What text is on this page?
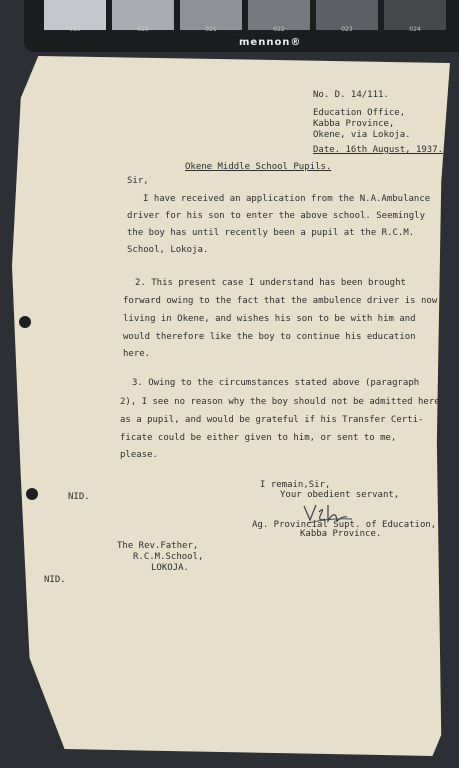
019	020	021	022	023	024
mennon®
No. D. 14/111.
Education Office,
Kabba Province,
Okene, via Lokoja.
Date. 16th August, 1937.
Okene Middle School Pupils.
Sir,
I have received an application from the N.A.Ambulance
driver for his son to enter the above school. Seemingly
the boy has until recently been a pupil at the R.C.M.
School, Lokoja.
2. This present case I understand has been brought
forward owing to the fact that the ambulence driver is now
living in Okene, and wishes his son to be with him and
would therefore like the boy to continue his education
here.
3. Owing to the circumstances stated above (paragraph
2), I see no reason why the boy should not be admitted here
as a pupil, and would be grateful if his Transfer Certi-
ficate could be either given to him, or sent to me,
please.
I remain,Sir,
Your obedient servant,
Ag. Provincial Supt. of Education,
Kabba Province.
NID.
The Rev.Father,
R.C.M.School,
LOKOJA.
NID.
